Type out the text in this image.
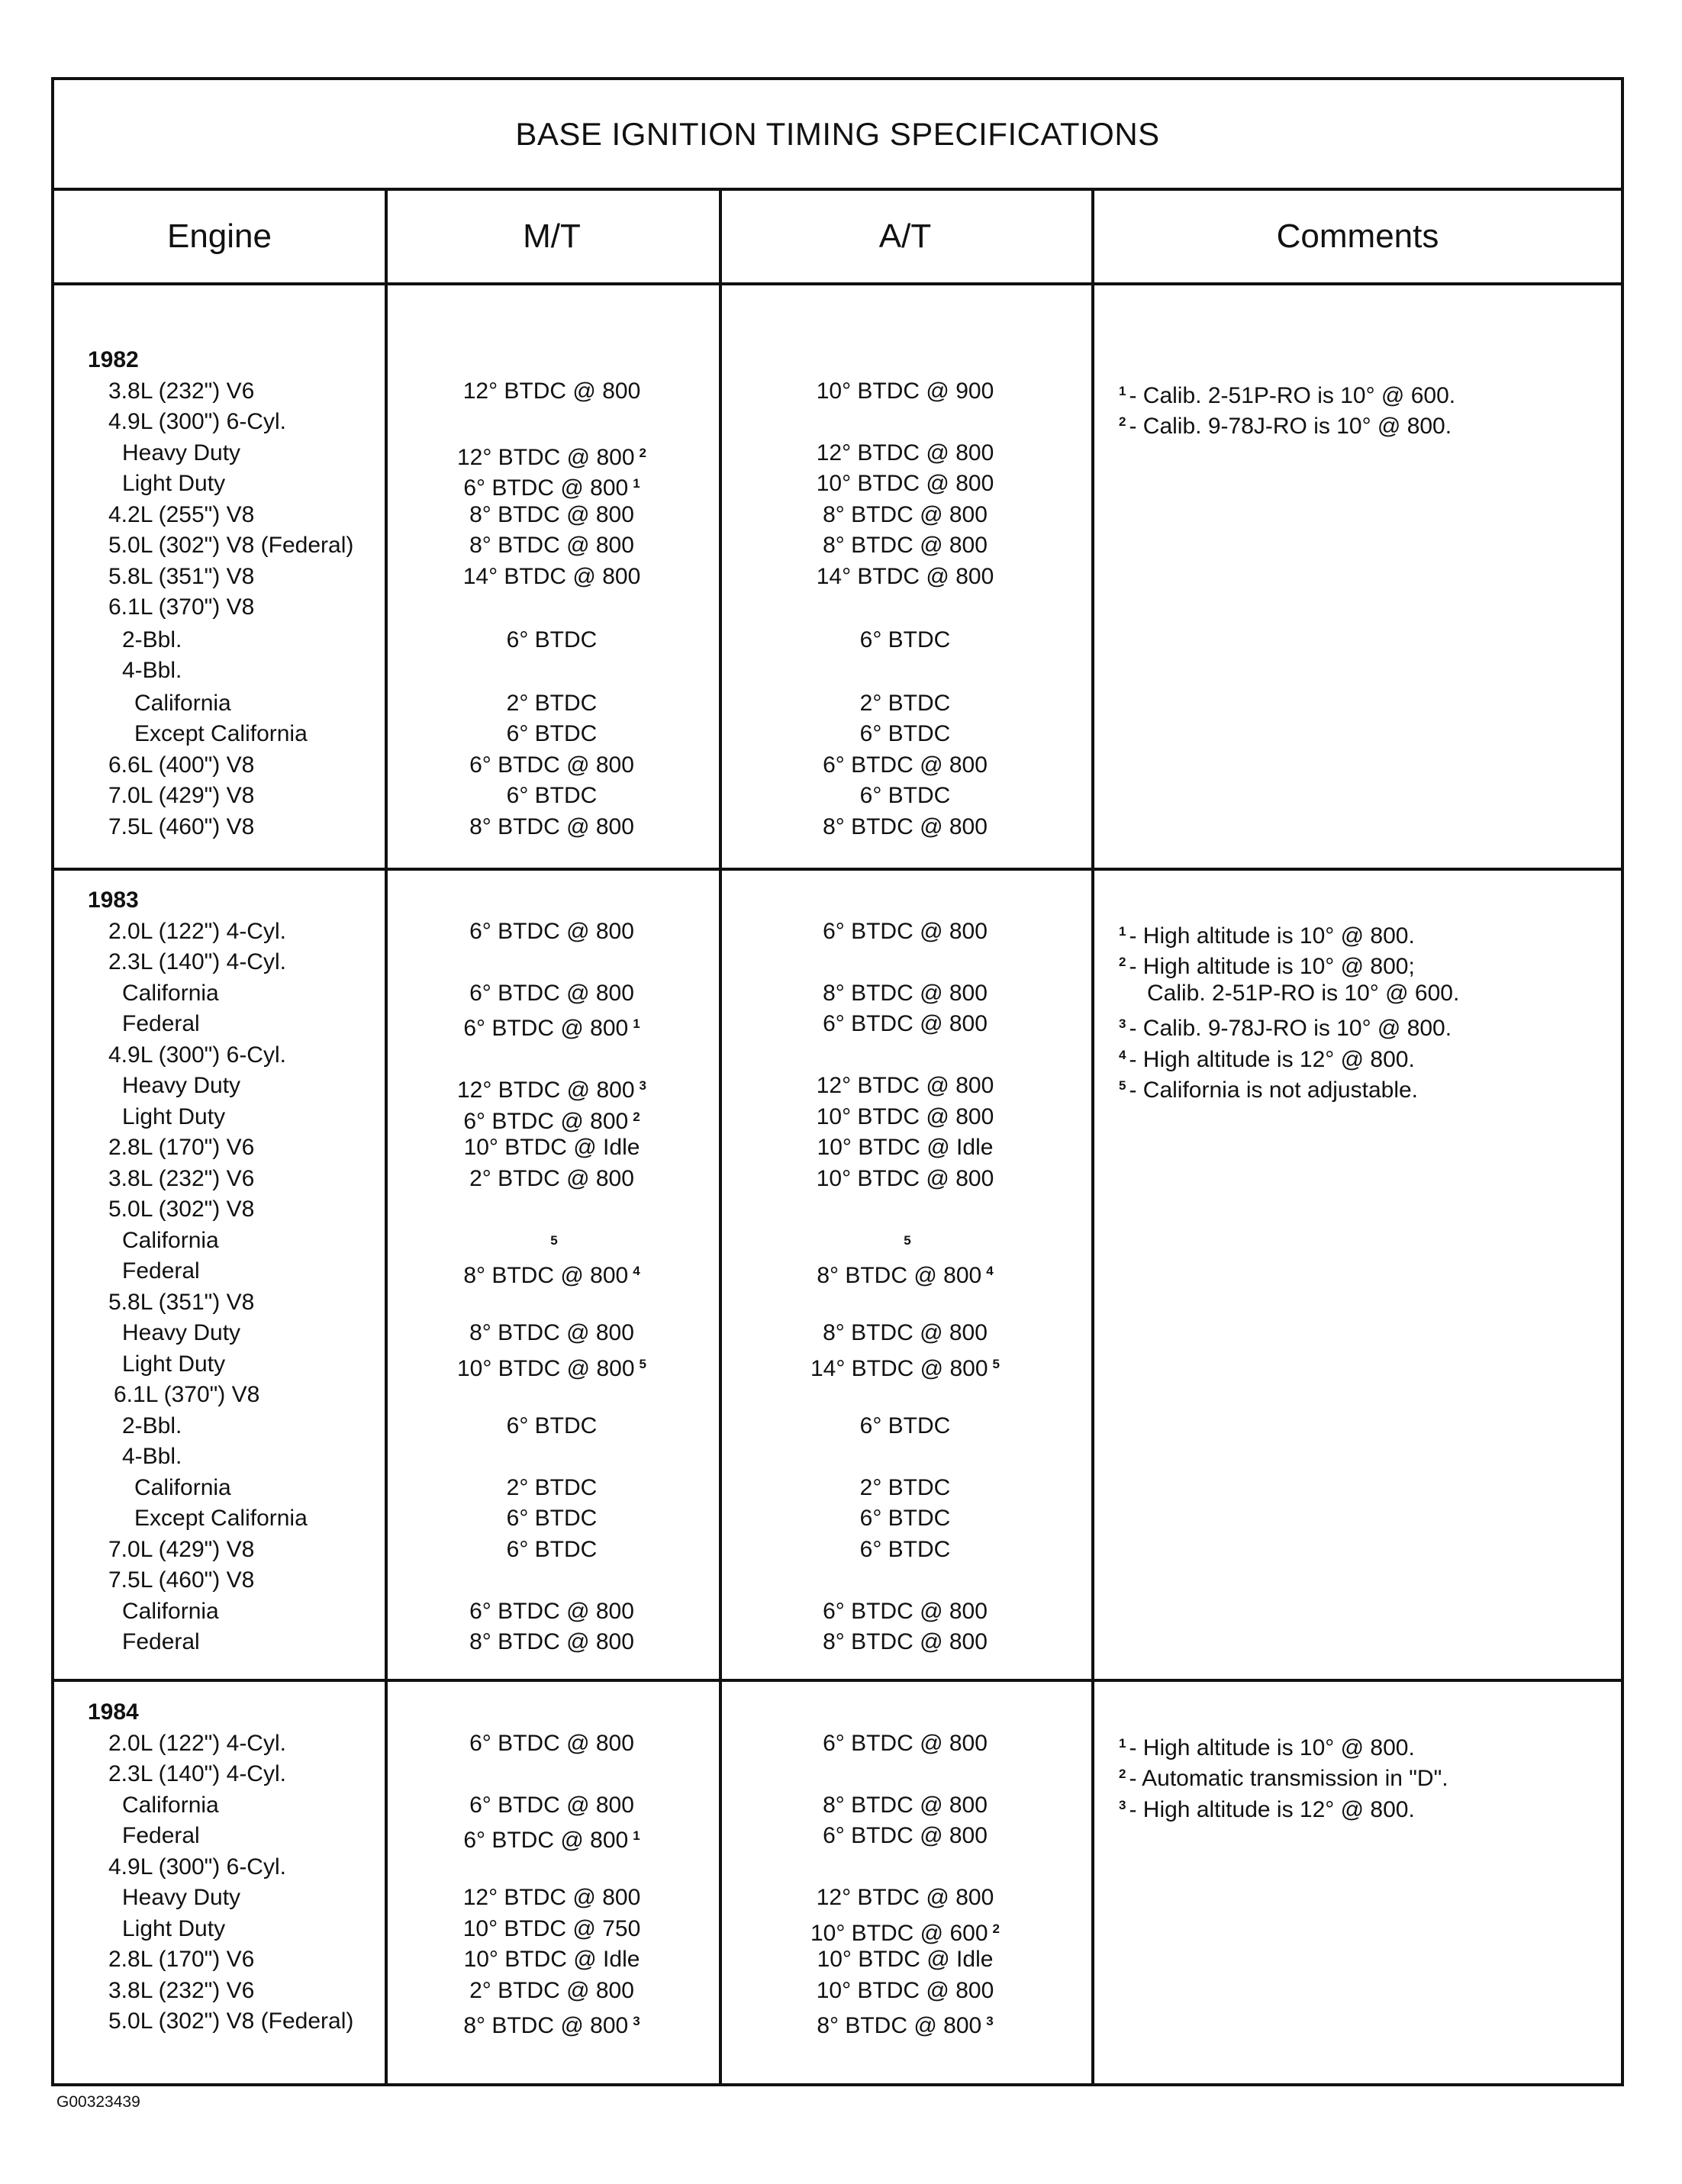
BASE IGNITION TIMING SPECIFICATIONS
Engine	M/T	A/T	Comments
1982
3.8L (232") V6	12° BTDC @ 800	10° BTDC @ 900
4.9L (300") 6-Cyl.
Heavy Duty	12° BTDC @ 800 $^2$	12° BTDC @ 800
Light Duty	6° BTDC @ 800 $^1$	10° BTDC @ 800
4.2L (255") V8	8° BTDC @ 800	8° BTDC @ 800
5.0L (302") V8 (Federal)	8° BTDC @ 800	8° BTDC @ 800
5.8L (351") V8	14° BTDC @ 800	14° BTDC @ 800
6.1L (370") V8
2-Bbl.	6° BTDC	6° BTDC
4-Bbl.
California	2° BTDC	2° BTDC
Except California	6° BTDC	6° BTDC
6.6L (400") V8	6° BTDC @ 800	6° BTDC @ 800
7.0L (429") V8	6° BTDC	6° BTDC
7.5L (460") V8	8° BTDC @ 800	8° BTDC @ 800
$^1$ - Calib. 2-51P-RO is 10° @ 600.
$^2$ - Calib. 9-78J-RO is 10° @ 800.
1983
2.0L (122") 4-Cyl.	6° BTDC @ 800	6° BTDC @ 800
2.3L (140") 4-Cyl.
California	6° BTDC @ 800	8° BTDC @ 800
Federal	6° BTDC @ 800 $^1$	6° BTDC @ 800
4.9L (300") 6-Cyl.
Heavy Duty	12° BTDC @ 800 $^3$	12° BTDC @ 800
Light Duty	6° BTDC @ 800 $^2$	10° BTDC @ 800
2.8L (170") V6	10° BTDC @ Idle	10° BTDC @ Idle
3.8L (232") V6	2° BTDC @ 800	10° BTDC @ 800
5.0L (302") V8
California	$^5$	$^5$
Federal	8° BTDC @ 800 $^4$	8° BTDC @ 800 $^4$
5.8L (351") V8
Heavy Duty	8° BTDC @ 800	8° BTDC @ 800
Light Duty	10° BTDC @ 800 $^5$	14° BTDC @ 800 $^5$
6.1L (370") V8
2-Bbl.	6° BTDC	6° BTDC
4-Bbl.
California	2° BTDC	2° BTDC
Except California	6° BTDC	6° BTDC
7.0L (429") V8	6° BTDC	6° BTDC
7.5L (460") V8
California	6° BTDC @ 800	6° BTDC @ 800
Federal	8° BTDC @ 800	8° BTDC @ 800
$^1$ - High altitude is 10° @ 800.
$^2$ - High altitude is 10° @ 800;
Calib. 2-51P-RO is 10° @ 600.
$^3$ - Calib. 9-78J-RO is 10° @ 800.
$^4$ - High altitude is 12° @ 800.
$^5$ - California is not adjustable.
1984
2.0L (122") 4-Cyl.	6° BTDC @ 800	6° BTDC @ 800
2.3L (140") 4-Cyl.
California	6° BTDC @ 800	8° BTDC @ 800
Federal	6° BTDC @ 800 $^1$	6° BTDC @ 800
4.9L (300") 6-Cyl.
Heavy Duty	12° BTDC @ 800	12° BTDC @ 800
Light Duty	10° BTDC @ 750	10° BTDC @ 600 $^2$
2.8L (170") V6	10° BTDC @ Idle	10° BTDC @ Idle
3.8L (232") V6	2° BTDC @ 800	10° BTDC @ 800
5.0L (302") V8 (Federal)	8° BTDC @ 800 $^3$	8° BTDC @ 800 $^3$
$^1$ - High altitude is 10° @ 800.
$^2$ - Automatic transmission in "D".
$^3$ - High altitude is 12° @ 800.
G00323439
